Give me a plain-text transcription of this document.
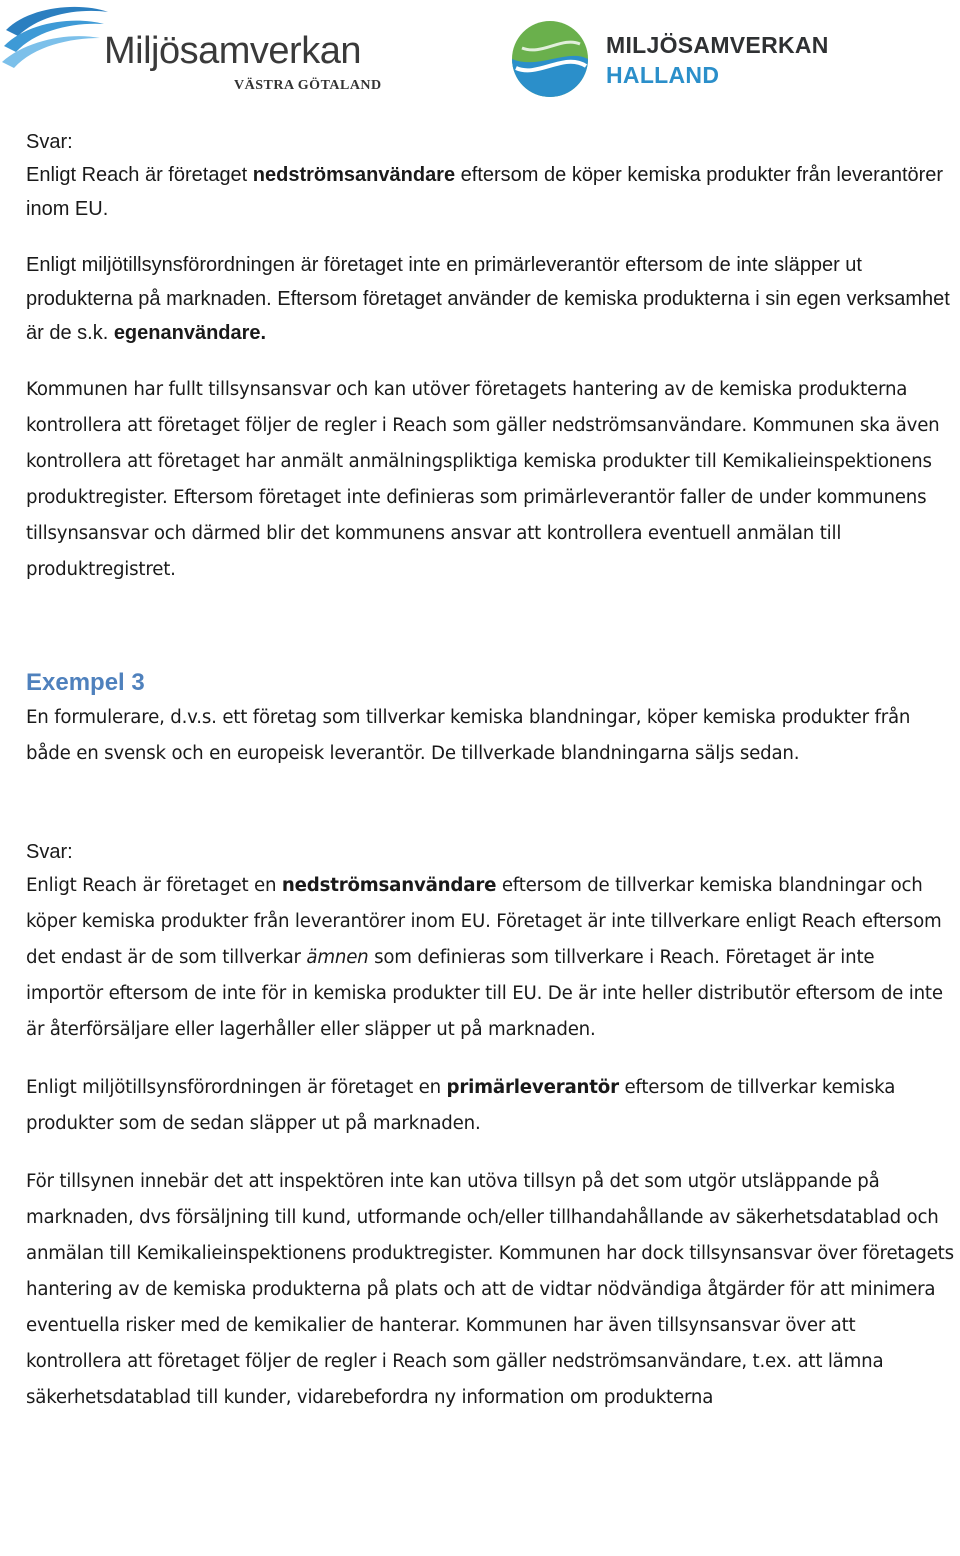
Miljösamverkan
VÄSTRA GÖTALAND
MILJÖSAMVERKAN
HALLAND

Svar:

Enligt Reach är företaget nedströmsanvändare eftersom de köper kemiska produkter från leverantörer inom EU.

Enligt miljötillsynsförordningen är företaget inte en primärleverantör eftersom de inte släpper ut produkterna på marknaden. Eftersom företaget använder de kemiska produkterna i sin egen verksamhet är de s.k. egenanvändare.

Kommunen har fullt tillsynsansvar och kan utöver företagets hantering av de kemiska produkterna kontrollera att företaget följer de regler i Reach som gäller nedströmsanvändare. Kommunen ska även kontrollera att företaget har anmält anmälningspliktiga kemiska produkter till Kemikalieinspektionens produktregister. Eftersom företaget inte definieras som primärleverantör faller de under kommunens tillsynsansvar och därmed blir det kommunens ansvar att kontrollera eventuell anmälan till produktregistret.

Exempel 3

En formulerare, d.v.s. ett företag som tillverkar kemiska blandningar, köper kemiska produkter från både en svensk och en europeisk leverantör. De tillverkade blandningarna säljs sedan.

Svar:

Enligt Reach är företaget en nedströmsanvändare eftersom de tillverkar kemiska blandningar och köper kemiska produkter från leverantörer inom EU. Företaget är inte tillverkare enligt Reach eftersom det endast är de som tillverkar ämnen som definieras som tillverkare i Reach. Företaget är inte importör eftersom de inte för in kemiska produkter till EU. De är inte heller distributör eftersom de inte är återförsäljare eller lagerhåller eller släpper ut på marknaden.

Enligt miljötillsynsförordningen är företaget en primärleverantör eftersom de tillverkar kemiska produkter som de sedan släpper ut på marknaden.

För tillsynen innebär det att inspektören inte kan utöva tillsyn på det som utgör utsläppande på marknaden, dvs försäljning till kund, utformande och/eller tillhandahållande av säkerhetsdatablad och anmälan till Kemikalieinspektionens produktregister. Kommunen har dock tillsynsansvar över företagets hantering av de kemiska produkterna på plats och att de vidtar nödvändiga åtgärder för att minimera eventuella risker med de kemikalier de hanterar. Kommunen har även tillsynsansvar över att kontrollera att företaget följer de regler i Reach som gäller nedströmsanvändare, t.ex. att lämna säkerhetsdatablad till kunder, vidarebefordra ny information om produkterna
